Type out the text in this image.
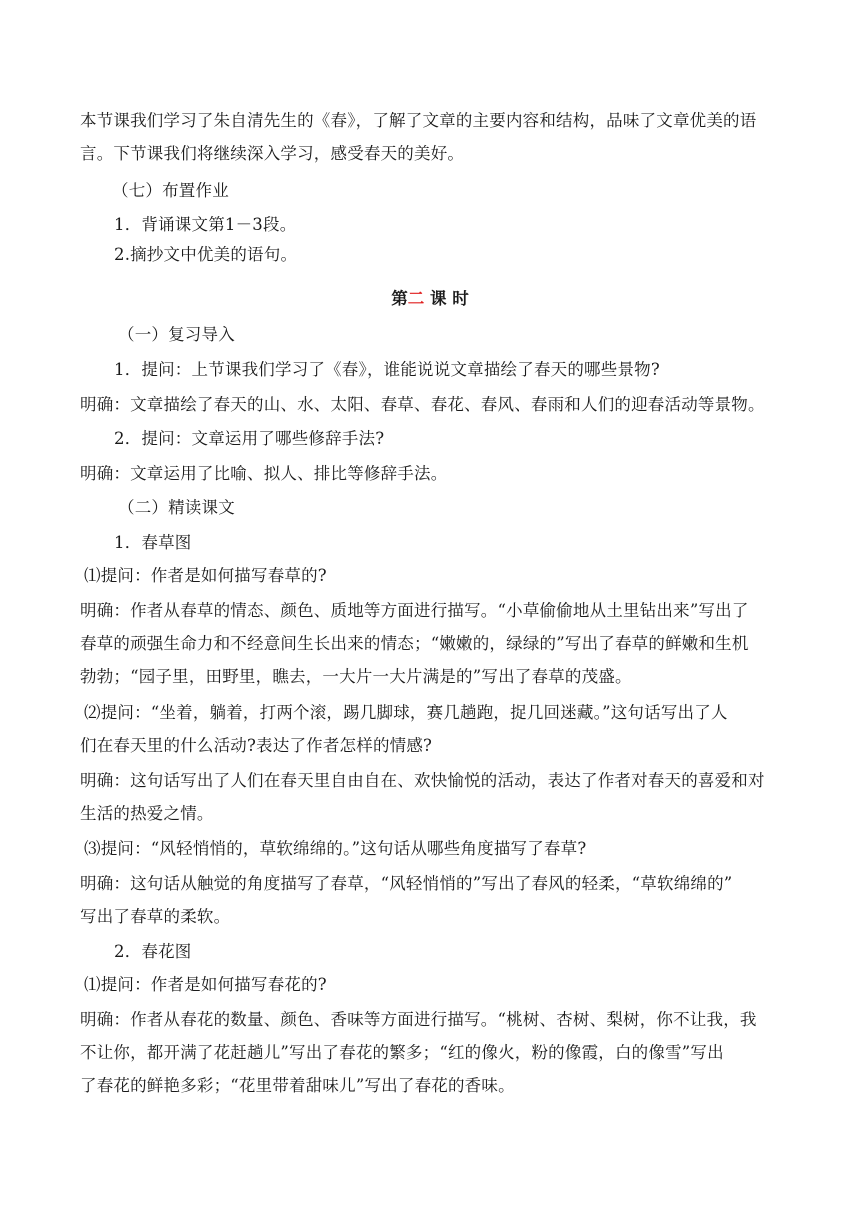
本节课我们学习了朱自清先生的《春》，了解了文章的主要内容和结构，品味了文章优美的语
言。下节课我们将继续深入学习，感受春天的美好。
（七）布置作业
1．背诵课文第1－3段。
2.摘抄文中优美的语句。
第二 课 时
（一）复习导入
1．提问：上节课我们学习了《春》，谁能说说文章描绘了春天的哪些景物?
明确：文章描绘了春天的山、水、太阳、春草、春花、春风、春雨和人们的迎春活动等景物。
2．提问：文章运用了哪些修辞手法?
明确：文章运用了比喻、拟人、排比等修辞手法。
（二）精读课文
1．春草图
⑴提问：作者是如何描写春草的?
明确：作者从春草的情态、颜色、质地等方面进行描写。“小草偷偷地从土里钻出来”写出了
春草的顽强生命力和不经意间生长出来的情态；“嫩嫩的，绿绿的”写出了春草的鲜嫩和生机
勃勃；“园子里，田野里，瞧去，一大片一大片满是的”写出了春草的茂盛。
⑵提问：“坐着，躺着，打两个滚，踢几脚球，赛几趟跑，捉几回迷藏。”这句话写出了人
们在春天里的什么活动?表达了作者怎样的情感?
明确：这句话写出了人们在春天里自由自在、欢快愉悦的活动，表达了作者对春天的喜爱和对
生活的热爱之情。
⑶提问：“风轻悄悄的，草软绵绵的。”这句话从哪些角度描写了春草?
明确：这句话从触觉的角度描写了春草，“风轻悄悄的”写出了春风的轻柔，“草软绵绵的”
写出了春草的柔软。
2．春花图
⑴提问：作者是如何描写春花的?
明确：作者从春花的数量、颜色、香味等方面进行描写。“桃树、杏树、梨树，你不让我，我
不让你，都开满了花赶趟儿”写出了春花的繁多；“红的像火，粉的像霞，白的像雪”写出
了春花的鲜艳多彩；“花里带着甜味儿”写出了春花的香味。
